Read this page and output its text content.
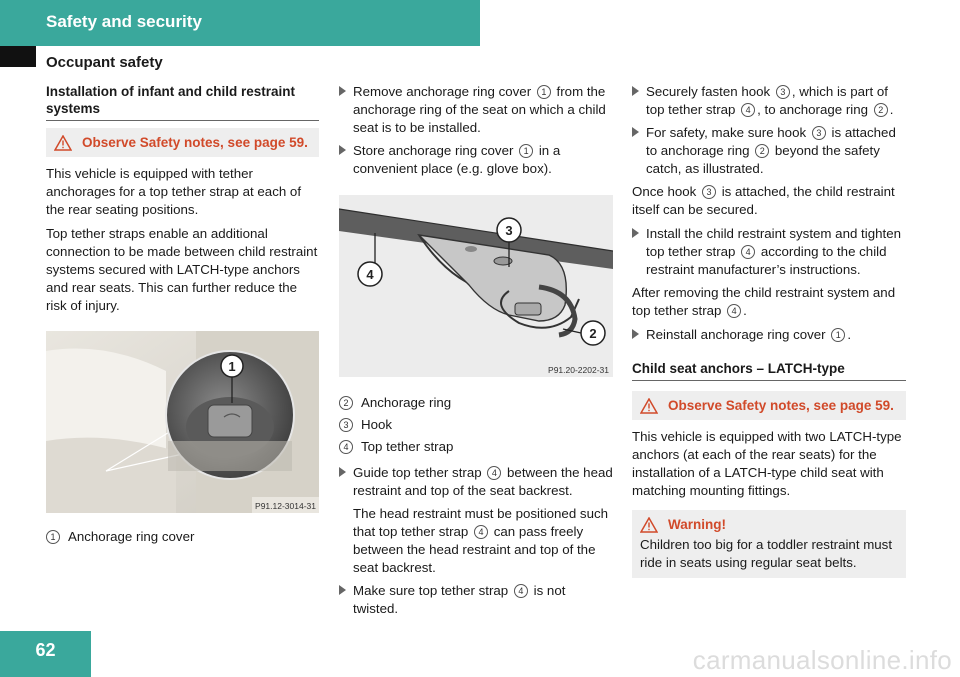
Safety and security
Occupant safety
Installation of infant and child restraint systems
Observe Safety notes, see page 59.

This vehicle is equipped with tether anchorages for a top tether strap at each of the rear seating positions.

Top tether straps enable an additional connection to be made between child restraint systems secured with LATCH-type anchors and rear seats. This can further reduce the risk of injury.

1
P91.12-3014-31
1 Anchorage ring cover
Remove anchorage ring cover 1 from the anchorage ring of the seat on which a child seat is to be installed.
Store anchorage ring cover 1 in a convenient place (e.g. glove box).
4
3
2
P91.20-2202-31
2 Anchorage ring
3 Hook
4 Top tether strap
Guide top tether strap 4 between the head restraint and top of the seat backrest.
The head restraint must be positioned such that top tether strap 4 can pass freely between the head restraint and top of the seat backrest.
Make sure top tether strap 4 is not twisted.
Securely fasten hook 3 , which is part of top tether strap 4 , to anchorage ring 2 .
For safety, make sure hook 3 is attached to anchorage ring 2 beyond the safety catch, as illustrated.

Once hook 3 is attached, the child restraint itself can be secured.

Install the child restraint system and tighten top tether strap 4 according to the child restraint manufacturer’s instructions.

After removing the child restraint system and top tether strap 4 .

Reinstall anchorage ring cover 1 .
Child seat anchors – LATCH-type
Observe Safety notes, see page 59.

This vehicle is equipped with two LATCH-type anchors (at each of the rear seats) for the installation of a LATCH-type child seat with matching mounting fittings.

Warning!
Children too big for a toddler restraint must ride in seats using regular seat belts.
62	carmanualsonline.info
